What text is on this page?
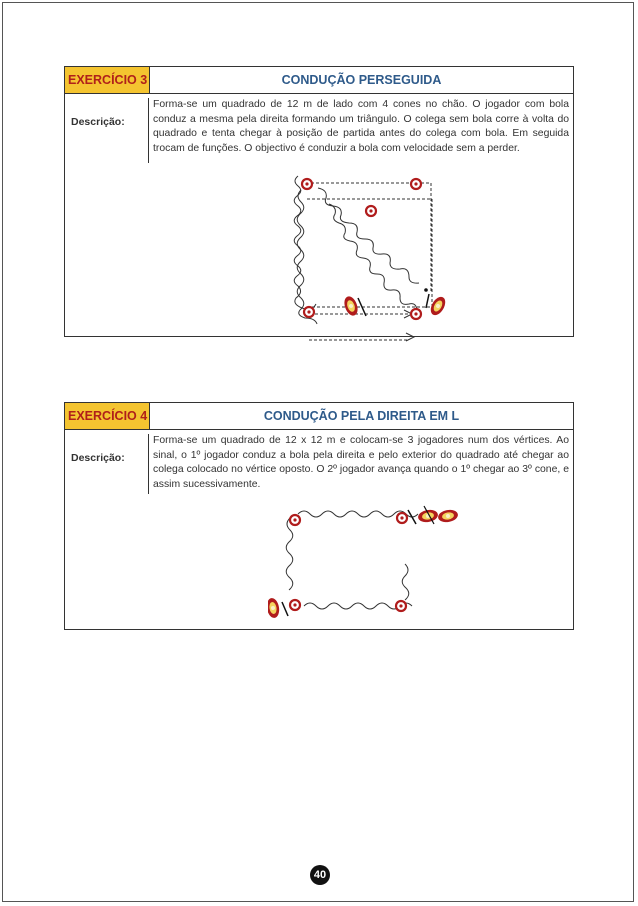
EXERCÍCIO 3	CONDUÇÃO PERSEGUIDA
Descrição:
Forma-se um quadrado de 12 m de lado com 4 cones no chão. O jogador com bola conduz a mesma pela direita formando um triângulo. O colega sem bola corre à volta do quadrado e tenta chegar à posição de partida antes do colega com bola. Em seguida trocam de funções. O objectivo é conduzir a bola com velocidade sem a perder.
EXERCÍCIO 4	CONDUÇÃO PELA DIREITA EM L
Descrição:
Forma-se um quadrado de 12 x 12 m e colocam-se 3 jogadores num dos vértices. Ao sinal, o 1º jogador conduz a bola pela direita e pelo exterior do quadrado até chegar ao colega colocado no vértice oposto. O 2º jogador avança quando o 1º chegar ao 3º cone, e assim sucessivamente.
40
